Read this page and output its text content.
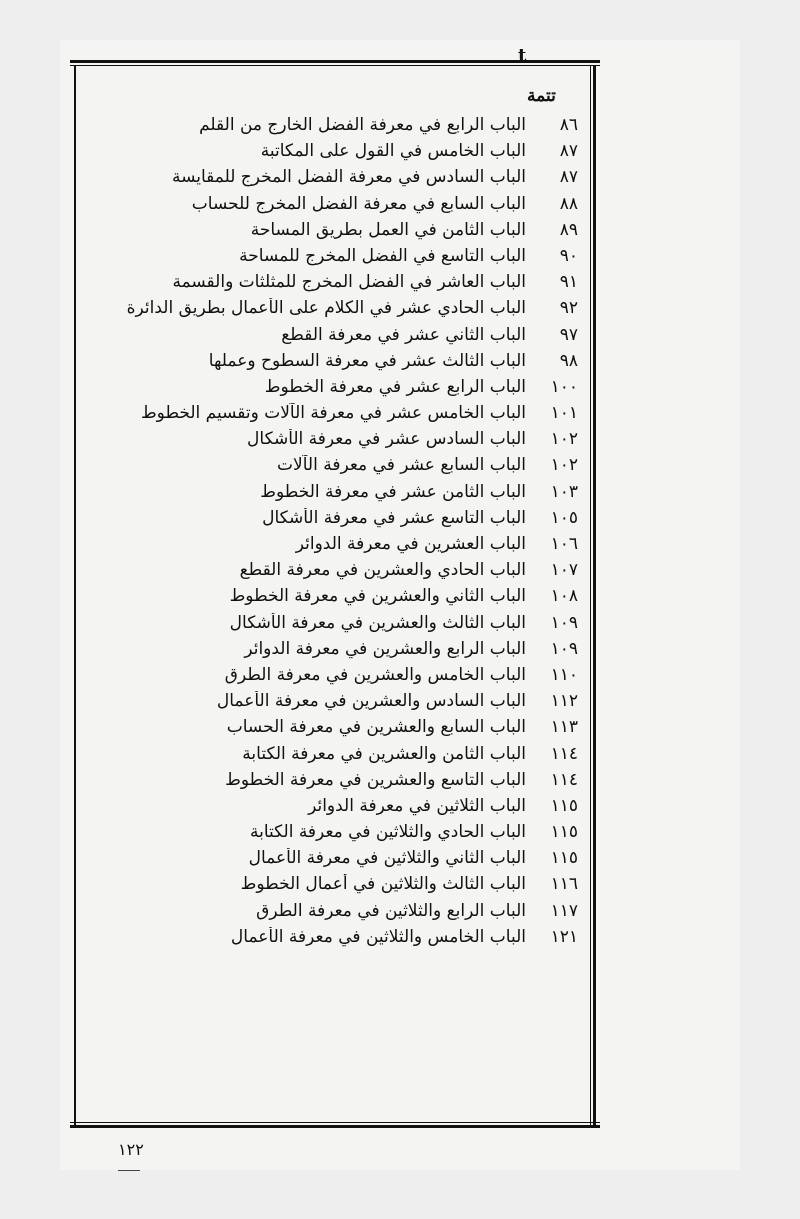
t
تتمة
٨٦
الباب الرابع في معرفة الفضل الخارج من القلم
٨٧
الباب الخامس في القول على المكاتبة
٨٧
الباب السادس في معرفة الفضل المخرج للمقايسة
٨٨
الباب السابع في معرفة الفضل المخرج للحساب
٨٩
الباب الثامن في العمل بطريق المساحة
٩٠
الباب التاسع في الفضل المخرج للمساحة
٩١
الباب العاشر في الفضل المخرج للمثلثات والقسمة
٩٢
الباب الحادي عشر في الكلام على الأعمال بطريق الدائرة
٩٧
الباب الثاني عشر في معرفة القطع
٩٨
الباب الثالث عشر في معرفة السطوح وعملها
١٠٠
الباب الرابع عشر في معرفة الخطوط
١٠١
الباب الخامس عشر في معرفة الآلات وتقسيم الخطوط
١٠٢
الباب السادس عشر في معرفة الأشكال
١٠٢
الباب السابع عشر في معرفة الآلات
١٠٣
الباب الثامن عشر في معرفة الخطوط
١٠٥
الباب التاسع عشر في معرفة الأشكال
١٠٦
الباب العشرين في معرفة الدوائر
١٠٧
الباب الحادي والعشرين في معرفة القطع
١٠٨
الباب الثاني والعشرين في معرفة الخطوط
١٠٩
الباب الثالث والعشرين في معرفة الأشكال
١٠٩
الباب الرابع والعشرين في معرفة الدوائر
١١٠
الباب الخامس والعشرين في معرفة الطرق
١١٢
الباب السادس والعشرين في معرفة الأعمال
١١٣
الباب السابع والعشرين في معرفة الحساب
١١٤
الباب الثامن والعشرين في معرفة الكتابة
١١٤
الباب التاسع والعشرين في معرفة الخطوط
١١٥
الباب الثلاثين في معرفة الدوائر
١١٥
الباب الحادي والثلاثين في معرفة الكتابة
١١٥
الباب الثاني والثلاثين في معرفة الأعمال
١١٦
الباب الثالث والثلاثين في أعمال الخطوط
١١٧
الباب الرابع والثلاثين في معرفة الطرق
١٢١
الباب الخامس والثلاثين في معرفة الأعمال
١٢٢
